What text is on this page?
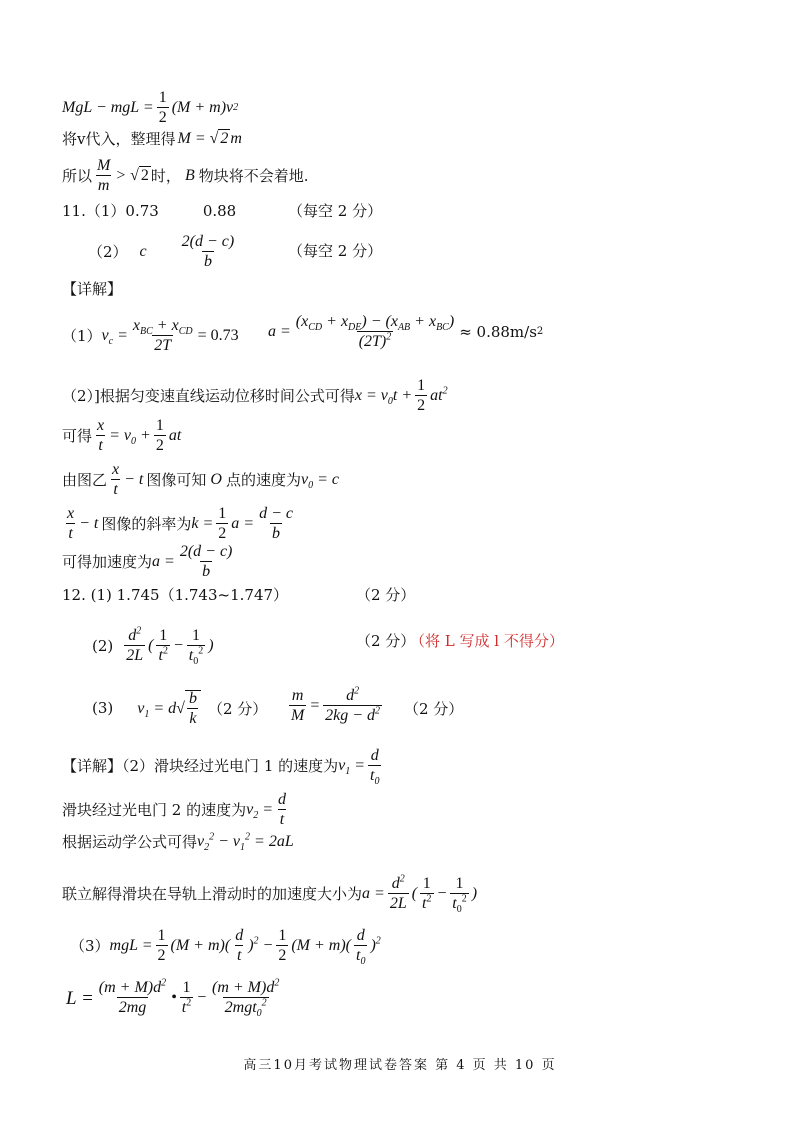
MgL − mgL = $\frac{1}{2} (M + m)v$ 2
将v代入，整理得 M = √ 2 m
所以 $\frac{M}{m}$ > √ 2 时， B 物块将不会着地.
11.（1）0.73	0.88	（每空 2 分）
（2） c $\frac{2(d - c)}{b}$	（每空 2 分）
【详解】
（1） $v_c = \frac{x_{BC} + x_{CD}}{2T} = 0.73$ $a = \frac{(x_{CD} + x_{DE}) - (x_{AB} + x_{BC})}{(2T)^2} \approx 0.88m/s$ 2
（2）]根据匀变速直线运动位移时间公式可得 $x = v_0t + \frac{1}{2} at^2$
可得 $\frac{x}{t} = v_0 + \frac{1}{2}$ at
由图乙 $\frac{x}{t} - t$ 图像可知 O 点的速度为 $v_0 = c$
$\frac{x}{t} - t$ 图像的斜率为 $k = \frac{1}{2}$ $a = \frac{d - c}{b}$
可得加速度为 $a = \frac{2(d - c)}{b}$
12. (1) 1.745（1.743~1.747）	（2 分）
$(2) \frac{d^2}{2L}$ ( $\frac{1}{t^2} - \frac{1}{t_0^2}$ )	（2 分）
（将 L 写成 l 不得分）
(3) $v_1 = d√ \frac{b}{k} (2$ 分） $\frac{m}{M} = \frac{d^2}{2kg - d^2} (2$ 分）
【详解】（2）滑块经过光电门 1 的速度为 $v_1 = \frac{d}{t_0}$
滑块经过光电门 2 的速度为 $v_2 = \frac{d}{t}$
根据运动学公式可得 $v_2^2 - v_1^2 = 2aL$
联立解得滑块在导轨上滑动时的加速度大小为 $a = \frac{d^2}{2L}$ ( $\frac{1}{t^2} - \frac{1}{t_0^2}$ )
（3） mgL = $\frac{1}{2} (M + m)( \frac{d}{t} )^2 - \frac{1}{2} (M + m)( \frac{d}{t_0} )^2$
$L = \frac{(m + M)d^2}{2mg}$ • $\frac{1}{t^2} - \frac{(m + M)d^2}{2mgt_0^2}$
高三10月考试物理试卷答案 第 4 页 共 10 页
